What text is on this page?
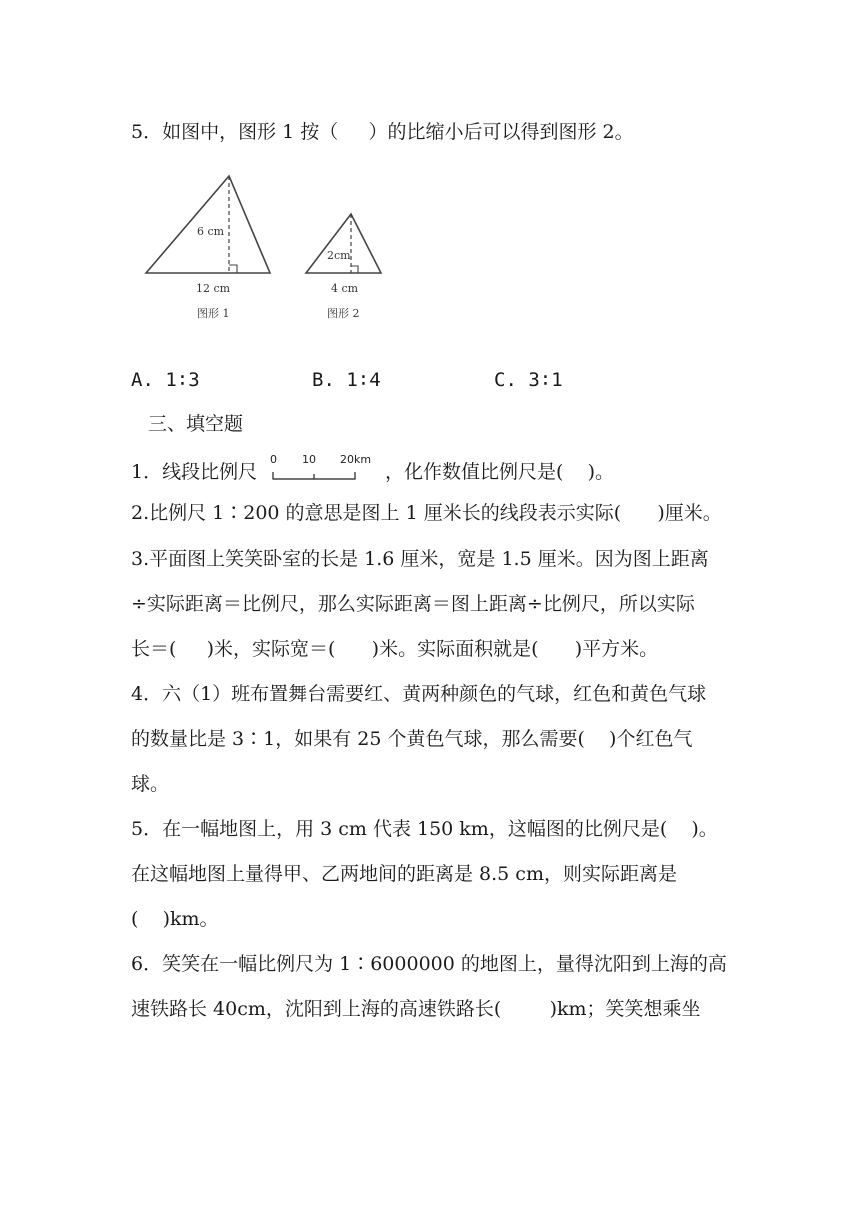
5．如图中，图形 1 按（     ）的比缩小后可以得到图形 2。
6 cm
12 cm
图形 1
2cm
4 cm
图形 2
A. 1∶3	B. 1∶4	C. 3∶1
三、填空题
1．线段比例尺
0 10 20km
，化作数值比例尺是(    )。
2.比例尺 1∶200 的意思是图上 1 厘米长的线段表示实际(      )厘米。
3.平面图上笑笑卧室的长是 1.6 厘米，宽是 1.5 厘米。因为图上距离
÷实际距离＝比例尺，那么实际距离＝图上距离÷比例尺，所以实际
长＝(     )米，实际宽＝(      )米。实际面积就是(      )平方米。
4．六（1）班布置舞台需要红、黄两种颜色的气球，红色和黄色气球
的数量比是 3∶1，如果有 25 个黄色气球，那么需要(    )个红色气
球。
5．在一幅地图上，用 3 cm 代表 150 km，这幅图的比例尺是(    )。
在这幅地图上量得甲、乙两地间的距离是 8.5 cm，则实际距离是
(    )km。
6．笑笑在一幅比例尺为 1∶6000000 的地图上，量得沈阳到上海的高
速铁路长 40cm，沈阳到上海的高速铁路长(        )km；笑笑想乘坐
